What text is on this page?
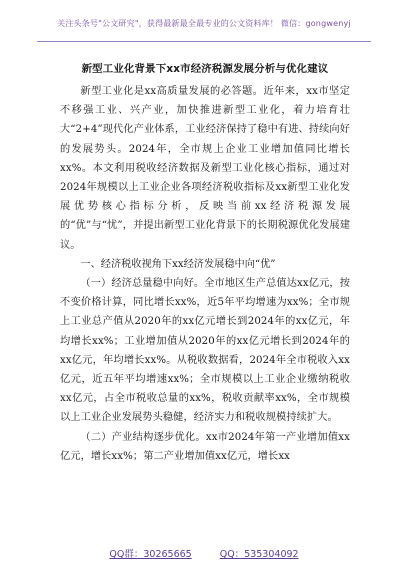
关注头条号"公文研究"，获得最新最全最专业的公文资料库！ 微信：gongwenyj
新型工业化背景下xx市经济税源发展分析与优化建议

新型工业化是xx高质量发展的必答题。近年来，xx市坚定不移强工业、兴产业，加快推进新型工业化，着力培育壮大“2+4”现代化产业体系，工业经济保持了稳中有进、持续向好的发展势头。2024年，全市规上企业工业增加值同比增长xx%。本文利用税收经济数据及新型工业化核心指标，通过对2024年规模以上工业企业各项经济税收指标及xx新型工业化发展优势核心指标分析，反映当前xx经济税源发展的“优”与“忧”，并提出新型工业化背景下的长期税源优化发展建议。

一、经济税收视角下xx经济发展稳中向“优”

（一）经济总量稳中向好。全市地区生产总值达xx亿元，按不变价格计算，同比增长xx%，近5年平均增速为xx%；全市规上工业总产值从2020年的xx亿元增长到2024年的xx亿元，年均增长xx%；工业增加值从2020年的xx亿元增长到2024年的xx亿元，年均增长xx%。从税收数据看，2024年全市税收入xx亿元，近五年平均增速xx%；全市规模以上工业企业缴纳税收xx亿元，占全市税收总量的xx%，税收贡献率xx%，全市规模以上工业企业发展势头稳健，经济实力和税收规模持续扩大。

（二）产业结构逐步优化。xx市2024年第一产业增加值xx亿元，增长xx%；第二产业增加值xx亿元，增长xx

QQ群：30265665	QQ：535304092
